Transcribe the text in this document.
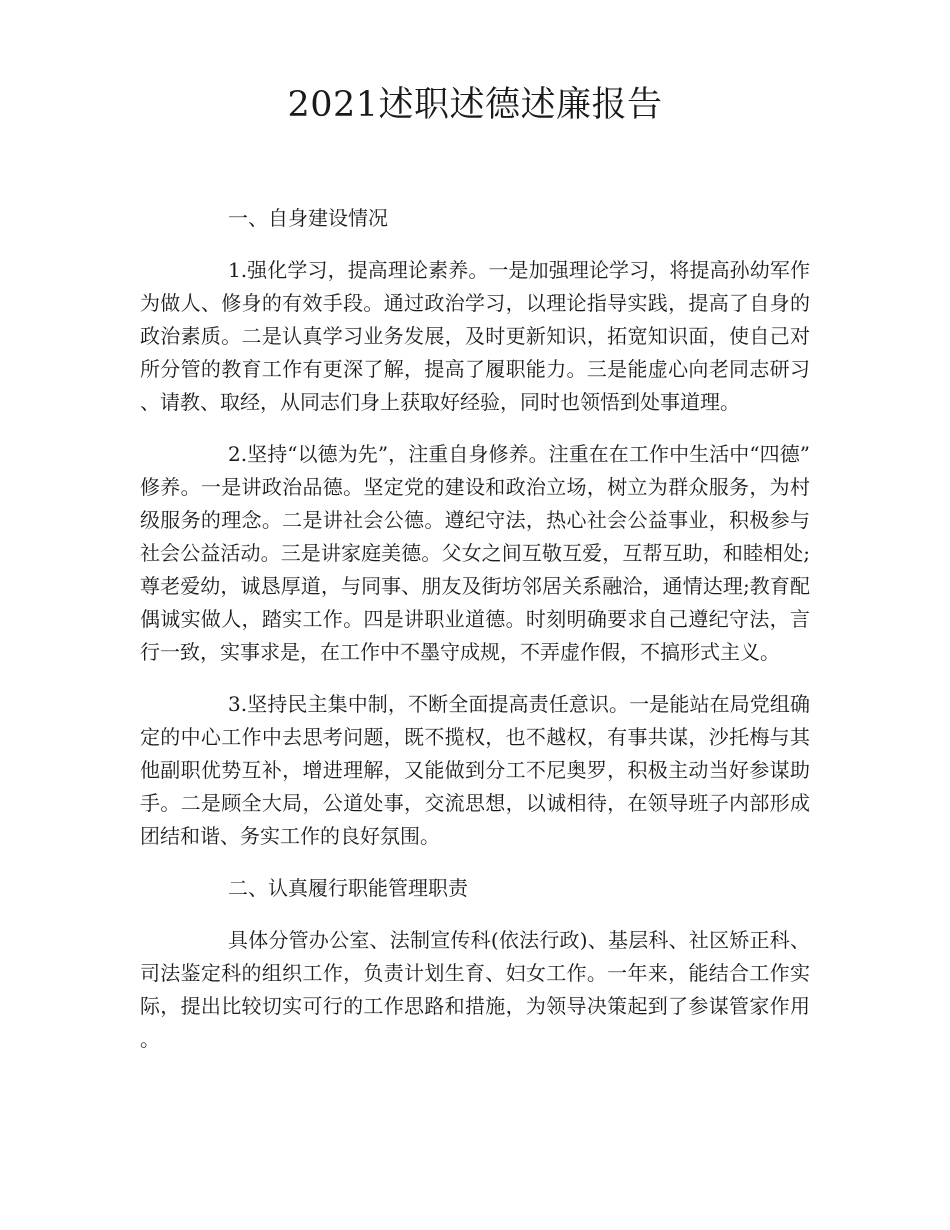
2021述职述德述廉报告

一、自身建设情况

1.强化学习，提高理论素养。一是加强理论学习，将提高孙幼军作为做人、修身的有效手段。通过政治学习，以理论指导实践，提高了自身的政治素质。二是认真学习业务发展，及时更新知识，拓宽知识面，使自己对所分管的教育工作有更深了解，提高了履职能力。三是能虚心向老同志研习、请教、取经，从同志们身上获取好经验，同时也领悟到处事道理。

2.坚持“以德为先”，注重自身修养。注重在在工作中生活中“四德”修养。一是讲政治品德。坚定党的建设和政治立场，树立为群众服务，为村级服务的理念。二是讲社会公德。遵纪守法，热心社会公益事业，积极参与社会公益活动。三是讲家庭美德。父女之间互敬互爱，互帮互助，和睦相处;尊老爱幼，诚恳厚道，与同事、朋友及街坊邻居关系融洽，通情达理;教育配偶诚实做人，踏实工作。四是讲职业道德。时刻明确要求自己遵纪守法，言行一致，实事求是，在工作中不墨守成规，不弄虚作假，不搞形式主义。

3.坚持民主集中制，不断全面提高责任意识。一是能站在局党组确定的中心工作中去思考问题，既不揽权，也不越权，有事共谋，沙托梅与其他副职优势互补，增进理解，又能做到分工不尼奥罗，积极主动当好参谋助手。二是顾全大局，公道处事，交流思想，以诚相待，在领导班子内部形成团结和谐、务实工作的良好氛围。

二、认真履行职能管理职责

具体分管办公室、法制宣传科(依法行政)、基层科、社区矫正科、司法鉴定科的组织工作，负责计划生育、妇女工作。一年来，能结合工作实际，提出比较切实可行的工作思路和措施，为领导决策起到了参谋管家作用。
